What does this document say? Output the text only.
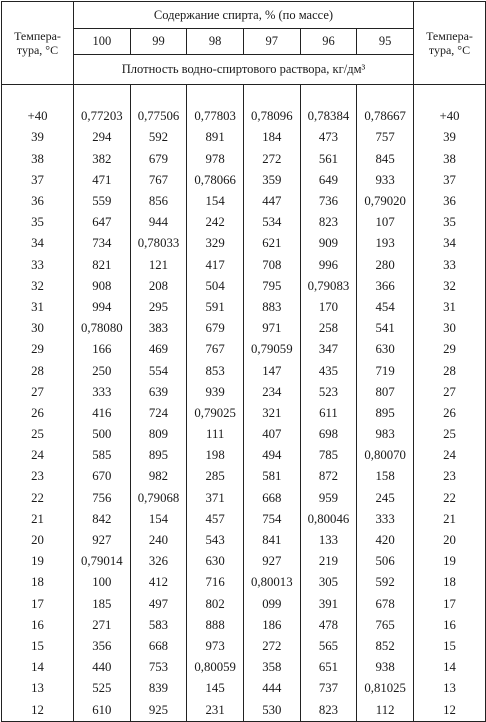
Темпера-
тура, °С	Содержание спирта, % (по массе)						Темпера-
тура, °С
	100	99	98	97	96	95	
	Плотность водно-спиртового раствора, кг/дм³						

+40	0,77203	0,77506	0,77803	0,78096	0,78384	0,78667	+40
39	294	592	891	184	473	757	39
38	382	679	978	272	561	845	38
37	471	767	0,78066	359	649	933	37
36	559	856	154	447	736	0,79020	36
35	647	944	242	534	823	107	35
34	734	0,78033	329	621	909	193	34
33	821	121	417	708	996	280	33
32	908	208	504	795	0,79083	366	32
31	994	295	591	883	170	454	31
30	0,78080	383	679	971	258	541	30
29	166	469	767	0,79059	347	630	29
28	250	554	853	147	435	719	28
27	333	639	939	234	523	807	27
26	416	724	0,79025	321	611	895	26
25	500	809	111	407	698	983	25
24	585	895	198	494	785	0,80070	24
23	670	982	285	581	872	158	23
22	756	0,79068	371	668	959	245	22
21	842	154	457	754	0,80046	333	21
20	927	240	543	841	133	420	20
19	0,79014	326	630	927	219	506	19
18	100	412	716	0,80013	305	592	18
17	185	497	802	099	391	678	17
16	271	583	888	186	478	765	16
15	356	668	973	272	565	852	15
14	440	753	0,80059	358	651	938	14
13	525	839	145	444	737	0,81025	13
12	610	925	231	530	823	112	12
